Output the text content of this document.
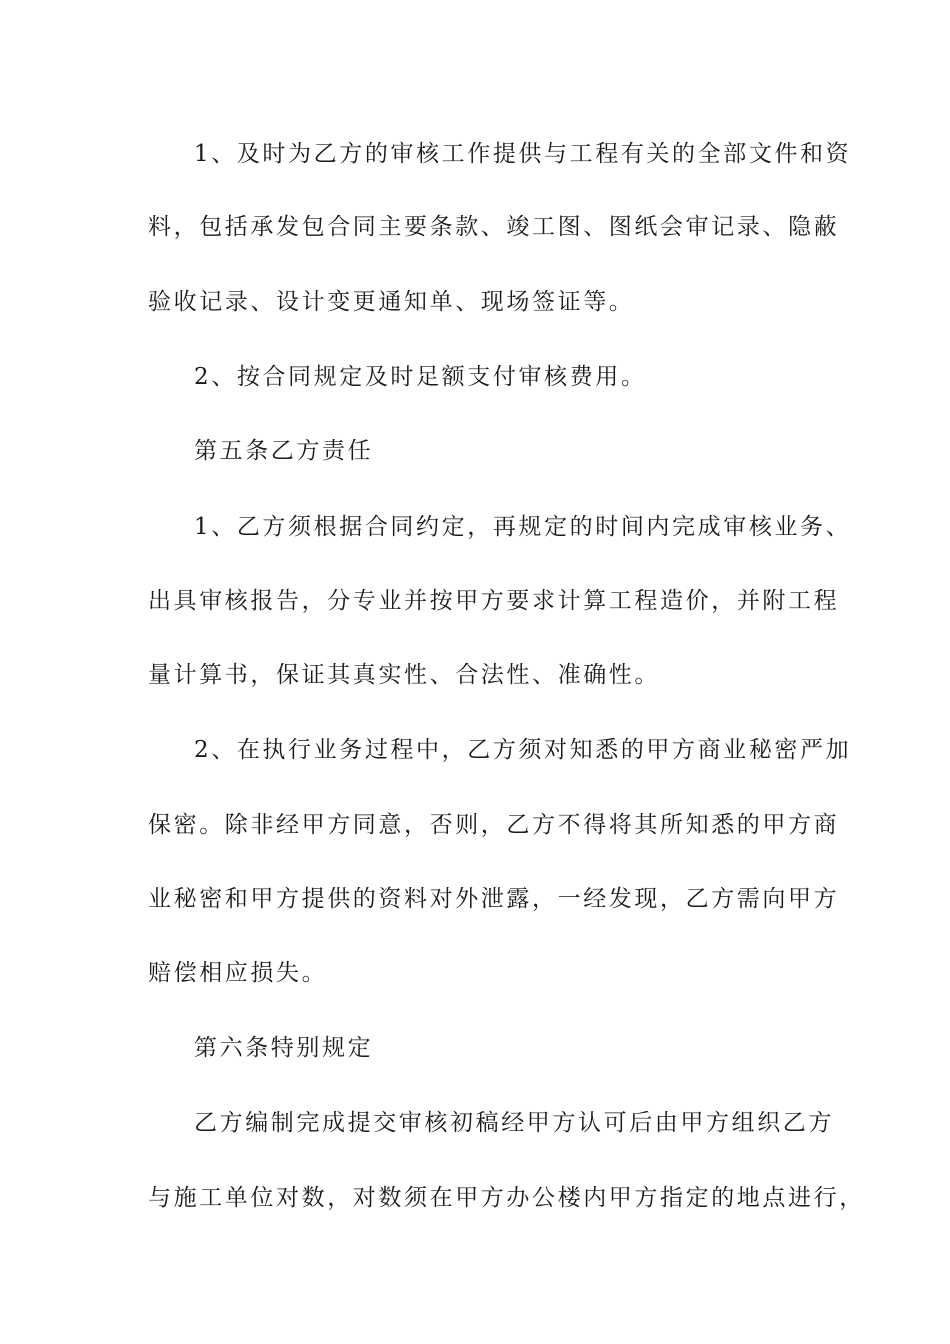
1、及时为乙方的审核工作提供与工程有关的全部文件和资
料，包括承发包合同主要条款、竣工图、图纸会审记录、隐蔽
验收记录、设计变更通知单、现场签证等。
2、按合同规定及时足额支付审核费用。
第五条乙方责任
1、乙方须根据合同约定，再规定的时间内完成审核业务、
出具审核报告，分专业并按甲方要求计算工程造价，并附工程
量计算书，保证其真实性、合法性、准确性。
2、在执行业务过程中，乙方须对知悉的甲方商业秘密严加
保密。除非经甲方同意，否则，乙方不得将其所知悉的甲方商
业秘密和甲方提供的资料对外泄露，一经发现，乙方需向甲方
赔偿相应损失。
第六条特别规定
乙方编制完成提交审核初稿经甲方认可后由甲方组织乙方
与施工单位对数，对数须在甲方办公楼内甲方指定的地点进行，
